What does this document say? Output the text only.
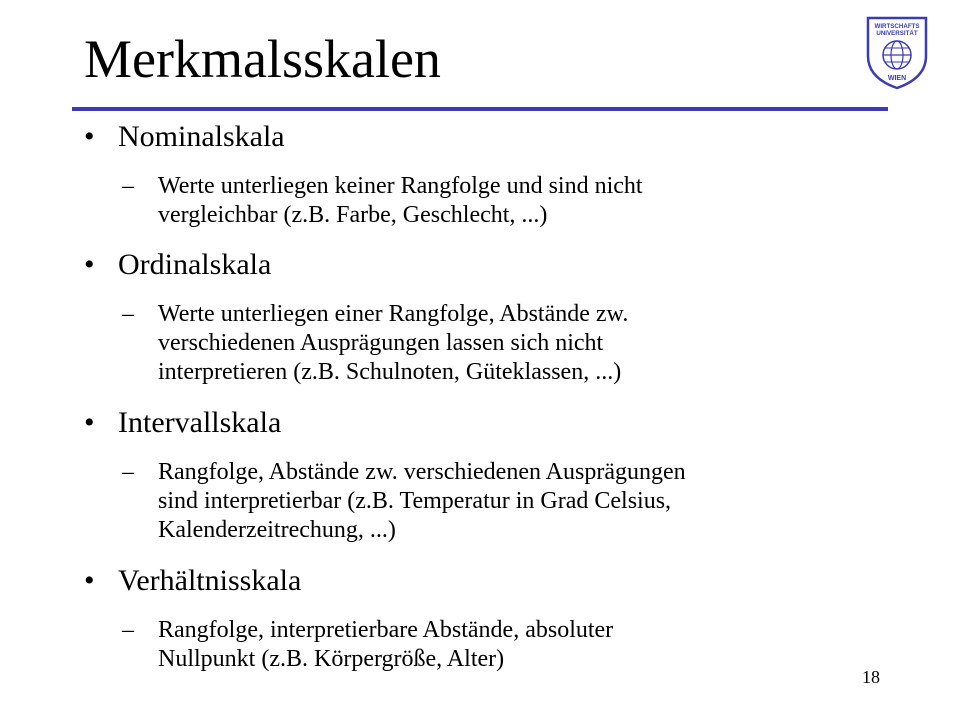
Merkmalsskalen
WIRTSCHAFTS
UNIVERSITÄT
WIEN
• Nominalskala
– Werte unterliegen keiner Rangfolge und sind nicht
vergleichbar (z.B. Farbe, Geschlecht, ...)
• Ordinalskala
– Werte unterliegen einer Rangfolge, Abstände zw.
verschiedenen Ausprägungen lassen sich nicht
interpretieren (z.B. Schulnoten, Güteklassen, ...)
• Intervallskala
– Rangfolge, Abstände zw. verschiedenen Ausprägungen
sind interpretierbar (z.B. Temperatur in Grad Celsius,
Kalenderzeitrechung, ...)
• Verhältnisskala
– Rangfolge, interpretierbare Abstände, absoluter
Nullpunkt (z.B. Körpergröße, Alter)
18
